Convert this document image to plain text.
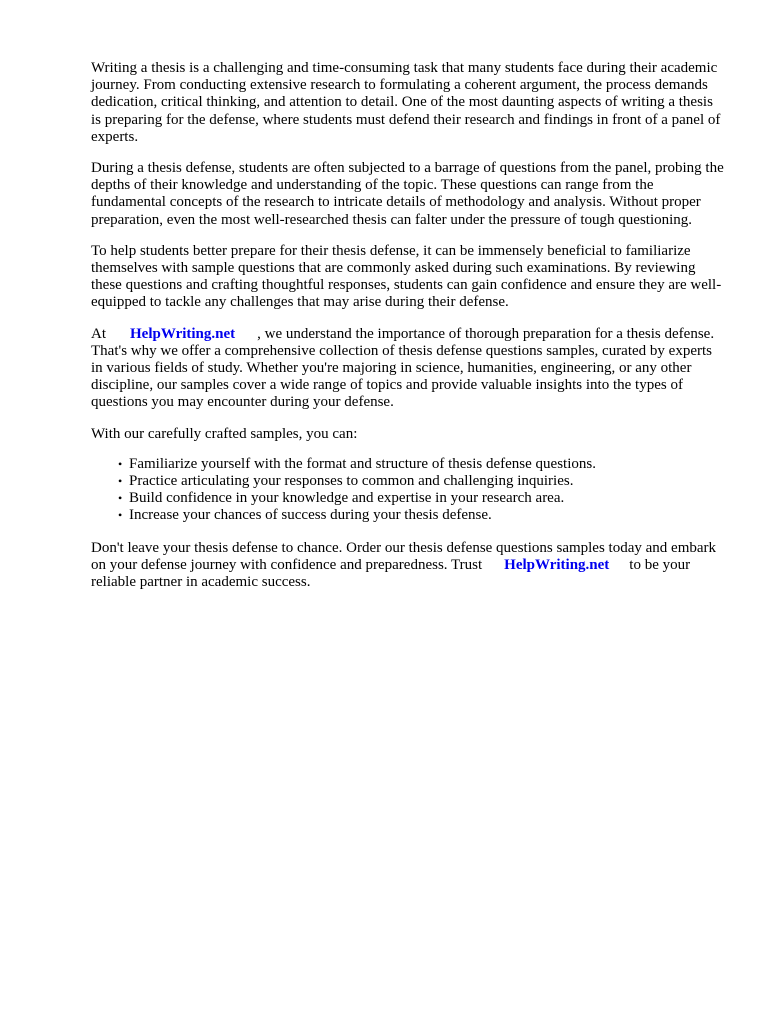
Writing a thesis is a challenging and time-consuming task that many students face during their academic journey. From conducting extensive research to formulating a coherent argument, the process demands dedication, critical thinking, and attention to detail. One of the most daunting aspects of writing a thesis is preparing for the defense, where students must defend their research and findings in front of a panel of experts.

During a thesis defense, students are often subjected to a barrage of questions from the panel, probing the depths of their knowledge and understanding of the topic. These questions can range from the fundamental concepts of the research to intricate details of methodology and analysis. Without proper preparation, even the most well-researched thesis can falter under the pressure of tough questioning.

To help students better prepare for their thesis defense, it can be immensely beneficial to familiarize themselves with sample questions that are commonly asked during such examinations. By reviewing these questions and crafting thoughtful responses, students can gain confidence and ensure they are well-equipped to tackle any challenges that may arise during their defense.

At HelpWriting.net , we understand the importance of thorough preparation for a thesis defense. That's why we offer a comprehensive collection of thesis defense questions samples, curated by experts in various fields of study. Whether you're majoring in science, humanities, engineering, or any other discipline, our samples cover a wide range of topics and provide valuable insights into the types of questions you may encounter during your defense.

With our carefully crafted samples, you can:

• Familiarize yourself with the format and structure of thesis defense questions.
• Practice articulating your responses to common and challenging inquiries.
• Build confidence in your knowledge and expertise in your research area.
• Increase your chances of success during your thesis defense.

Don't leave your thesis defense to chance. Order our thesis defense questions samples today and embark on your defense journey with confidence and preparedness. Trust HelpWriting.net to be your reliable partner in academic success.
